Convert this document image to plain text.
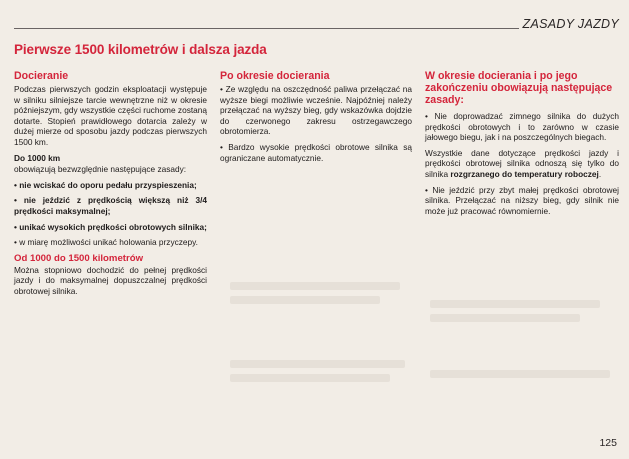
ZASADY JAZDY
Pierwsze 1500 kilometrów i dalsza jazda
Docieranie

Podczas pierwszych godzin eksploatacji występuje w silniku silniejsze tarcie wewnętrzne niż w okresie późniejszym, gdy wszystkie części ruchome zostaną dotarte. Stopień prawidłowego dotarcia zależy w dużej mierze od sposobu jazdy podczas pierwszych 1500 km.

Do 1000 km

obowiązują bezwzględnie następujące zasady:

• nie wciskać do oporu pedału przyspieszenia;

• nie jeździć z prędkością większą niż 3/4 prędkości maksymalnej;

• unikać wysokich prędkości obrotowych silnika;

• w miarę możliwości unikać holowania przyczepy.

Od 1000 do 1500 kilometrów

Można stopniowo dochodzić do pełnej prędkości jazdy i do maksymalnej dopuszczalnej prędkości obrotowej silnika.

Po okresie docierania

• Ze względu na oszczędność paliwa przełączać na wyższe biegi możliwie wcześnie. Najpóźniej należy przełączać na wyższy bieg, gdy wskazówka dojdzie do czerwonego zakresu ostrzegawczego obrotomierza.

• Bardzo wysokie prędkości obrotowe silnika są ograniczane automatycznie.

W okresie docierania i po jego zakończeniu obowiązują następujące zasady:

• Nie doprowadzać zimnego silnika do dużych prędkości obrotowych i to zarówno w czasie jałowego biegu, jak i na poszczególnych biegach.

Wszystkie dane dotyczące prędkości jazdy i prędkości obrotowej silnika odnoszą się tylko do silnika rozgrzanego do temperatury roboczej.

• Nie jeździć przy zbyt małej prędkości obrotowej silnika. Przełączać na niższy bieg, gdy silnik nie może już pracować równomiernie.

125
